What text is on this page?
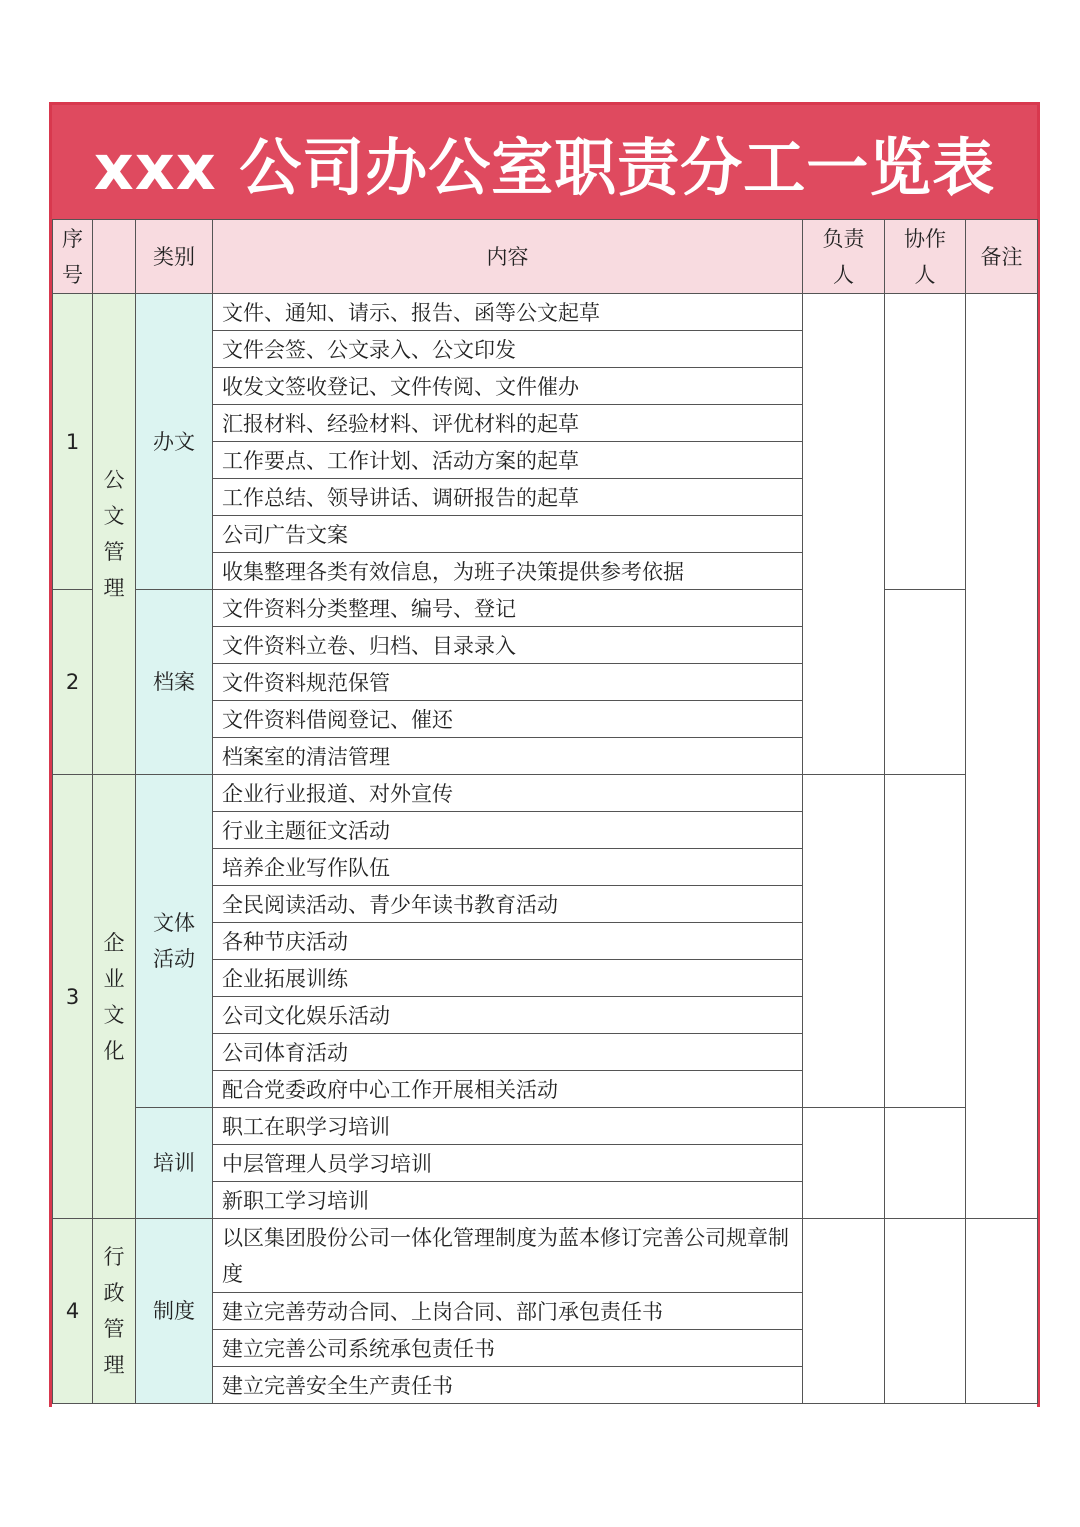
xxx 公司办公室职责分工一览表
序号		类别	内容	负责人	协作人	备注
1	公文管理	办文	文件、通知、请示、报告、函等公文起草			
			文件会签、公文录入、公文印发			
			收发文签收登记、文件传阅、文件催办			
			汇报材料、经验材料、评优材料的起草			
			工作要点、工作计划、活动方案的起草			
			工作总结、领导讲话、调研报告的起草			
			公司广告文案			
			收集整理各类有效信息，为班子决策提供参考依据			
2		档案	文件资料分类整理、编号、登记			
			文件资料立卷、归档、目录录入			
			文件资料规范保管			
			文件资料借阅登记、催还			
			档案室的清洁管理			
3	企业文化	文体活动	企业行业报道、对外宣传			
			行业主题征文活动			
			培养企业写作队伍			
			全民阅读活动、青少年读书教育活动			
			各种节庆活动			
			企业拓展训练			
			公司文化娱乐活动			
			公司体育活动			
			配合党委政府中心工作开展相关活动			
		培训	职工在职学习培训			
			中层管理人员学习培训			
			新职工学习培训			
4	行政管理	制度	以区集团股份公司一体化管理制度为蓝本修订完善公司规章制度			
			建立完善劳动合同、上岗合同、部门承包责任书			
			建立完善公司系统承包责任书			
			建立完善安全生产责任书			
